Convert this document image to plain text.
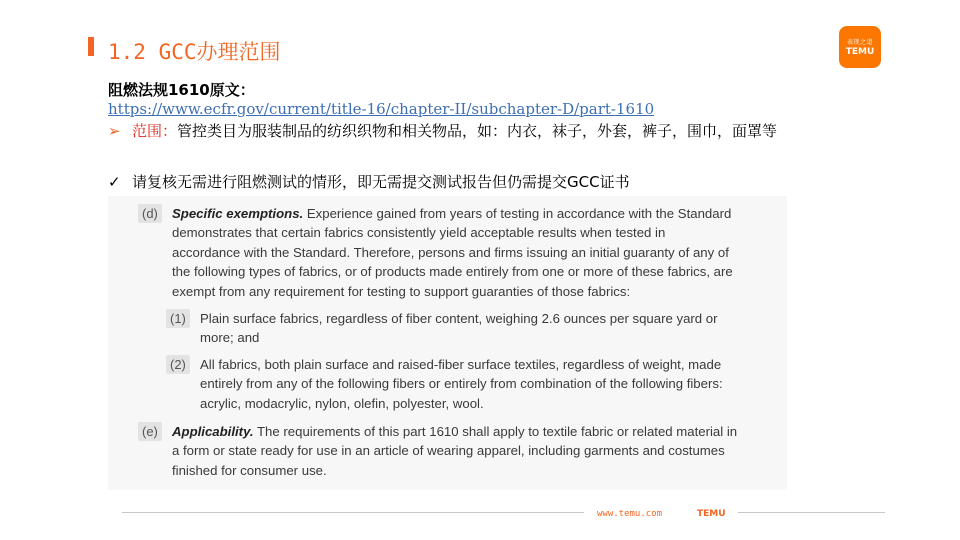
1.2 GCC办理范围	表现之道
TEMU
阻燃法规1610原文：
https://www.ecfr.gov/current/title-16/chapter-II/subchapter-D/part-1610
➢ 范围：管控类目为服装制品的纺织织物和相关物品，如：内衣，袜子，外套，裤子，围巾，面罩等
✓ 请复核无需进行阻燃测试的情形，即无需提交测试报告但仍需提交GCC证书
(d)	Specific exemptions. Experience gained from years of testing in accordance with the Standard
demonstrates that certain fabrics consistently yield acceptable results when tested in
accordance with the Standard. Therefore, persons and firms issuing an initial guaranty of any of
the following types of fabrics, or of products made entirely from one or more of these fabrics, are
exempt from any requirement for testing to support guaranties of those fabrics:
(1)	Plain surface fabrics, regardless of fiber content, weighing 2.6 ounces per square yard or
more; and
(2)	All fabrics, both plain surface and raised-fiber surface textiles, regardless of weight, made
entirely from any of the following fibers or entirely from combination of the following fibers:
acrylic, modacrylic, nylon, olefin, polyester, wool.
(e)	Applicability. The requirements of this part 1610 shall apply to textile fabric or related material in
a form or state ready for use in an article of wearing apparel, including garments and costumes
finished for consumer use.
www.temu.com	TEMU
